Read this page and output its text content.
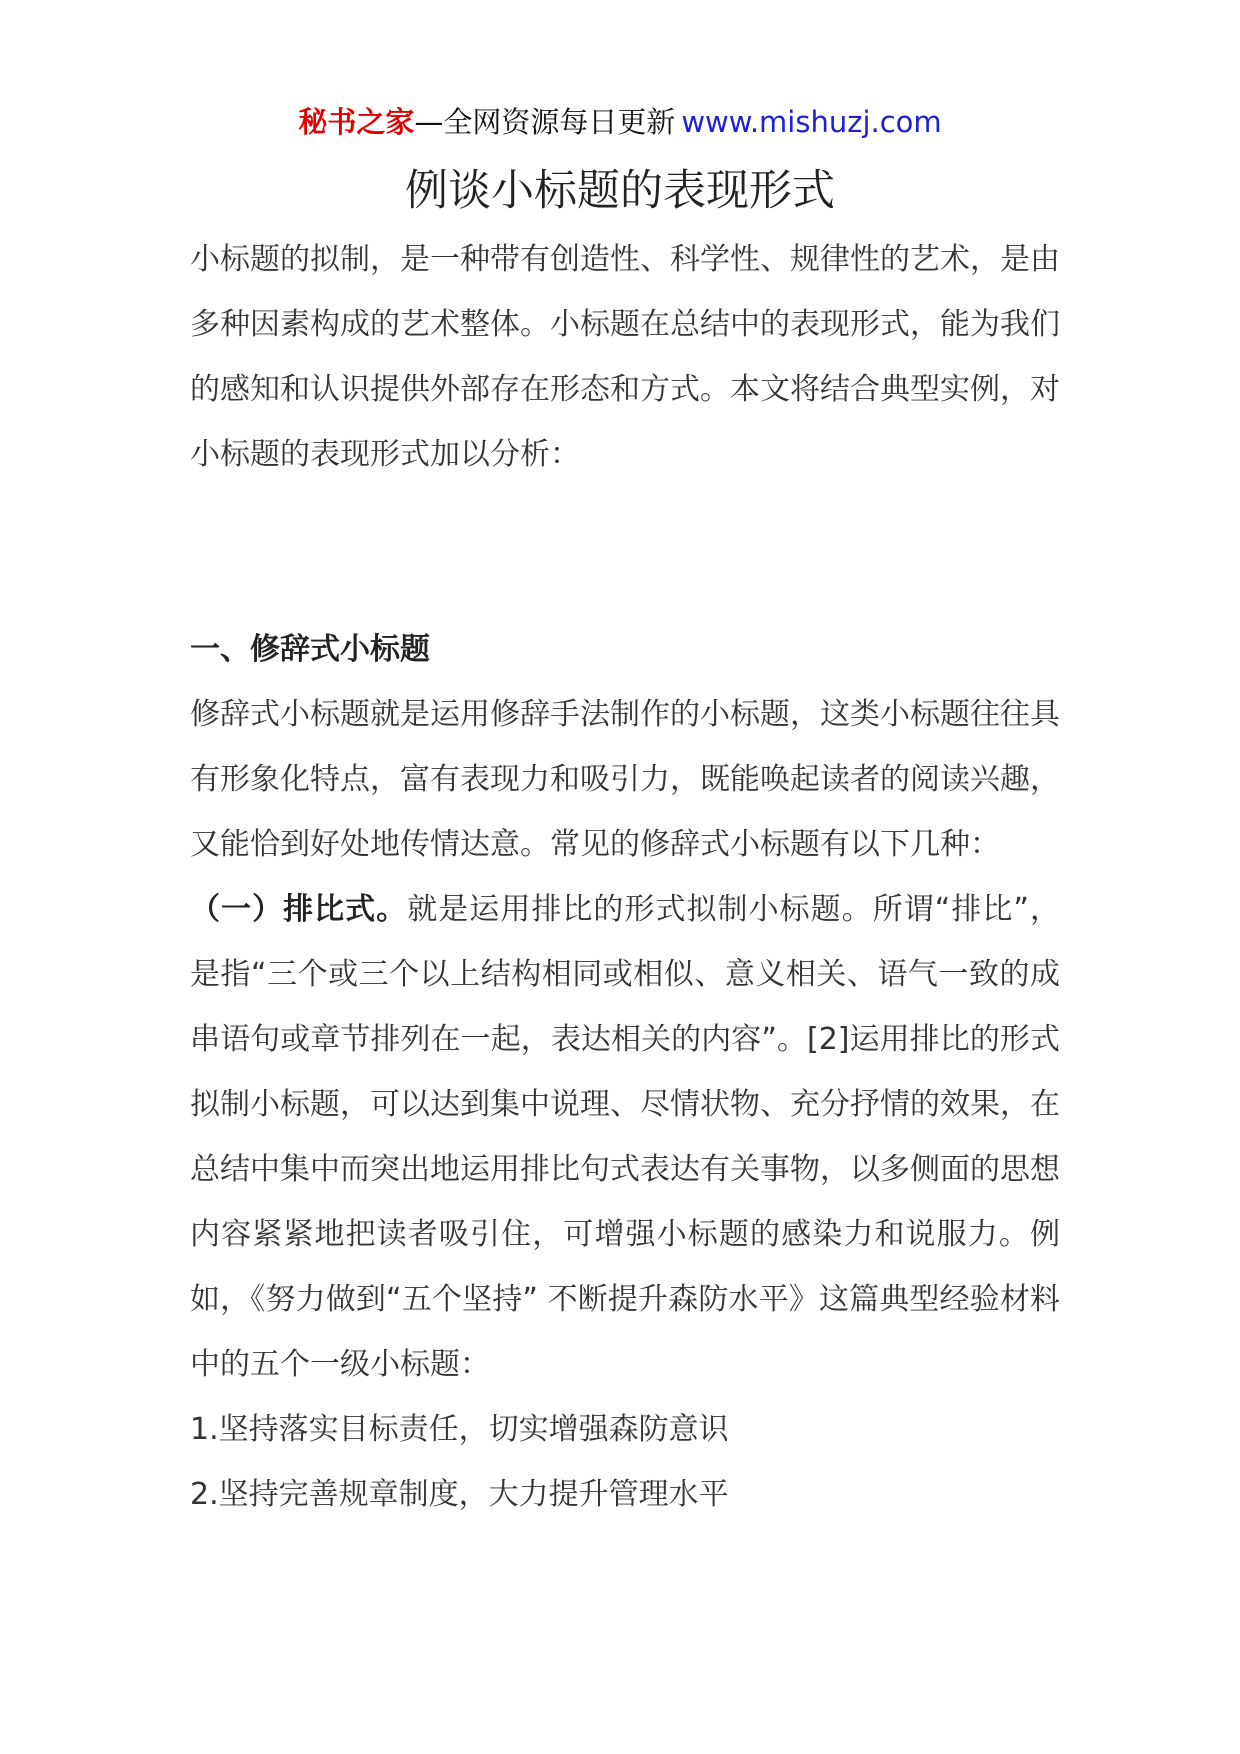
秘书之家—全网资源每日更新 www.mishuzj.com
例谈小标题的表现形式

小标题的拟制，是一种带有创造性、科学性、规律性的艺术，是由多种因素构成的艺术整体。小标题在总结中的表现形式，能为我们的感知和认识提供外部存在形态和方式。本文将结合典型实例，对小标题的表现形式加以分析：

一、修辞式小标题

修辞式小标题就是运用修辞手法制作的小标题，这类小标题往往具有形象化特点，富有表现力和吸引力，既能唤起读者的阅读兴趣，又能恰到好处地传情达意。常见的修辞式小标题有以下几种：

（一）排比式。就是运用排比的形式拟制小标题。所谓“排比”，是指“三个或三个以上结构相同或相似、意义相关、语气一致的成串语句或章节排列在一起，表达相关的内容”。[2]运用排比的形式拟制小标题，可以达到集中说理、尽情状物、充分抒情的效果，在总结中集中而突出地运用排比句式表达有关事物，以多侧面的思想内容紧紧地把读者吸引住，可增强小标题的感染力和说服力。例如，《努力做到“五个坚持” 不断提升森防水平》这篇典型经验材料中的五个一级小标题：

1.坚持落实目标责任，切实增强森防意识

2.坚持完善规章制度，大力提升管理水平
